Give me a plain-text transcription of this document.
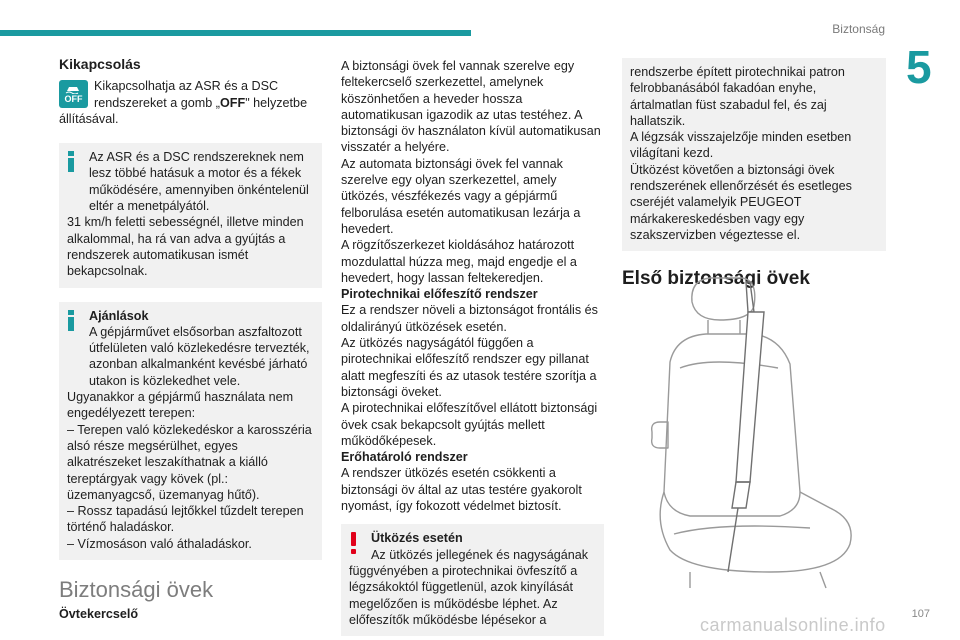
Biztonság
5
Kikapcsolás

OFF
Kikapcsolhatja az ASR és a DSC rendszereket a gomb „OFF" helyzetbe állításával.

Az ASR és a DSC rendszereknek nem lesz többé hatásuk a motor és a fékek működésére, amennyiben önkéntelenül eltér a menetpályától.

31 km/h feletti sebességnél, illetve minden alkalommal, ha rá van adva a gyújtás a rendszerek automatikusan ismét bekapcsolnak.

Ajánlások

A gépjárművet elsősorban aszfaltozott útfelületen való közlekedésre tervezték, azonban alkalmanként kevésbé járható utakon is közlekedhet vele.

Ugyanakkor a gépjármű használata nem engedélyezett terepen:

– Terepen való közlekedéskor a karosszéria alsó része megsérülhet, egyes alkatrészeket leszakíthatnak a kiálló tereptárgyak vagy kövek (pl.: üzemanyagcső, üzemanyag hűtő).

– Rossz tapadású lejtőkkel tűzdelt terepen történő haladáskor.

– Vízmosáson való áthaladáskor.

Biztonsági övek

Övtekercselő

A biztonsági övek fel vannak szerelve egy feltekercselő szerkezettel, amelynek köszönhetően a heveder hossza automatikusan igazodik az utas testéhez. A biztonsági öv használaton kívül automatikusan visszatér a helyére.

Az automata biztonsági övek fel vannak szerelve egy olyan szerkezettel, amely ütközés, vészfékezés vagy a gépjármű felborulása esetén automatikusan lezárja a hevedert.

A rögzítőszerkezet kioldásához határozott mozdulattal húzza meg, majd engedje el a hevedert, hogy lassan feltekeredjen.

Pirotechnikai előfeszítő rendszer

Ez a rendszer növeli a biztonságot frontális és oldalirányú ütközések esetén.

Az ütközés nagyságától függően a pirotechnikai előfeszítő rendszer egy pillanat alatt megfeszíti és az utasok testére szorítja a biztonsági öveket.

A pirotechnikai előfeszítővel ellátott biztonsági övek csak bekapcsolt gyújtás mellett működőképesek.

Erőhatároló rendszer

A rendszer ütközés esetén csökkenti a biztonsági öv által az utas testére gyakorolt nyomást, így fokozott védelmet biztosít.

Ütközés esetén

Az ütközés jellegének és nagyságának függvényében a pirotechnikai övfeszítő a légzsákoktól függetlenül, azok kinyílását megelőzően is működésbe léphet. Az előfeszítők működésbe lépésekor a

rendszerbe épített pirotechnikai patron felrobbanásából fakadóan enyhe, ártalmatlan füst szabadul fel, és zaj hallatszik.

A légzsák visszajelzője minden esetben világítani kezd.

Ütközést követően a biztonsági övek rendszerének ellenőrzését és esetleges cseréjét valamelyik PEUGEOT márkakereskedésben vagy egy szakszervizben végeztesse el.

Első biztonsági övek
carmanualsonline.info
107
